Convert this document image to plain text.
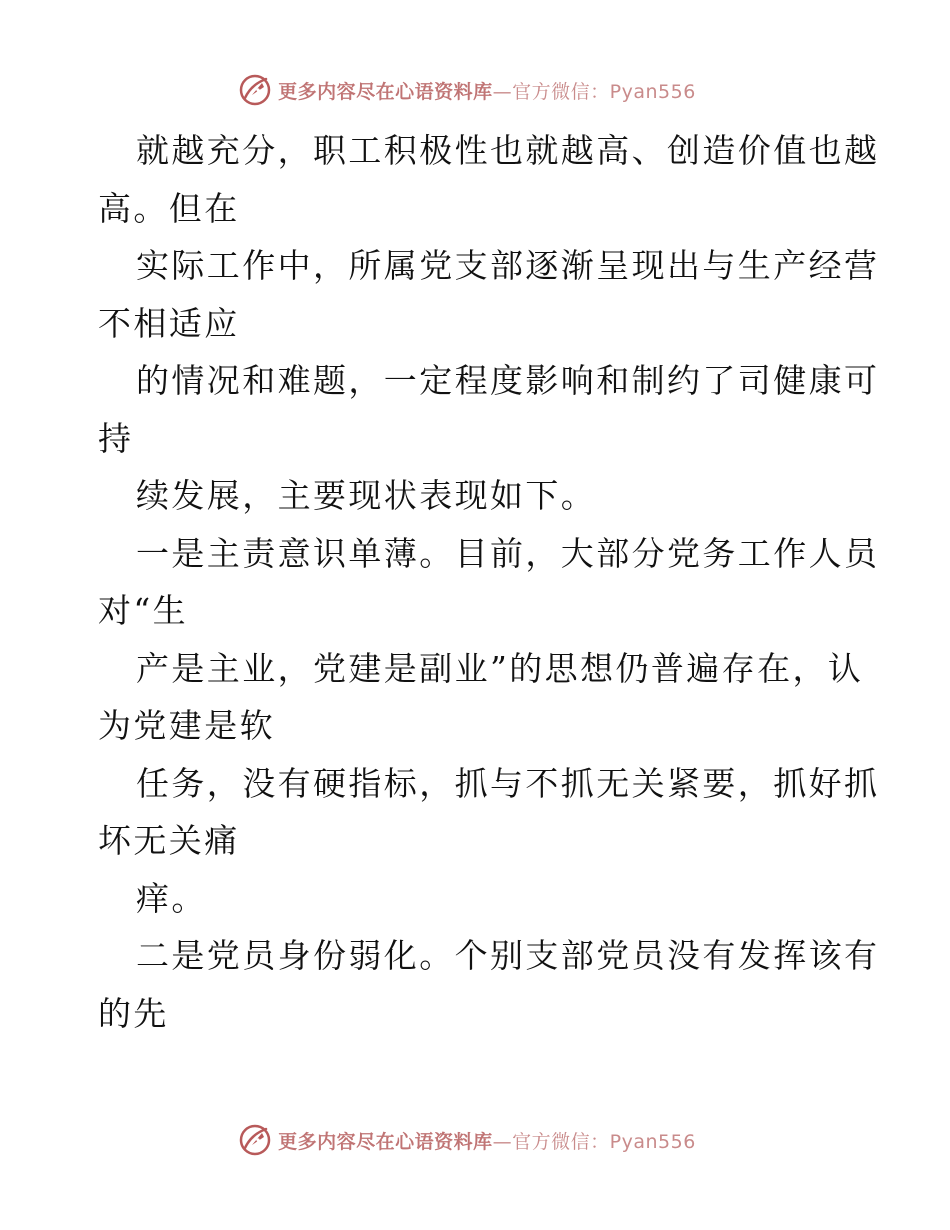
更多内容尽在心语资料库—官方微信：Pyan556

就越充分，职工积极性也就越高、创造价值也越
高。但在

实际工作中，所属党支部逐渐呈现出与生产经营
不相适应

的情况和难题，一定程度影响和制约了司健康可
持

续发展，主要现状表现如下。

一是主责意识单薄。目前，大部分党务工作人员
对“生

产是主业，党建是副业”的思想仍普遍存在，认
为党建是软

任务，没有硬指标，抓与不抓无关紧要，抓好抓
坏无关痛

痒。

二是党员身份弱化。个别支部党员没有发挥该有
的先

更多内容尽在心语资料库—官方微信：Pyan556
